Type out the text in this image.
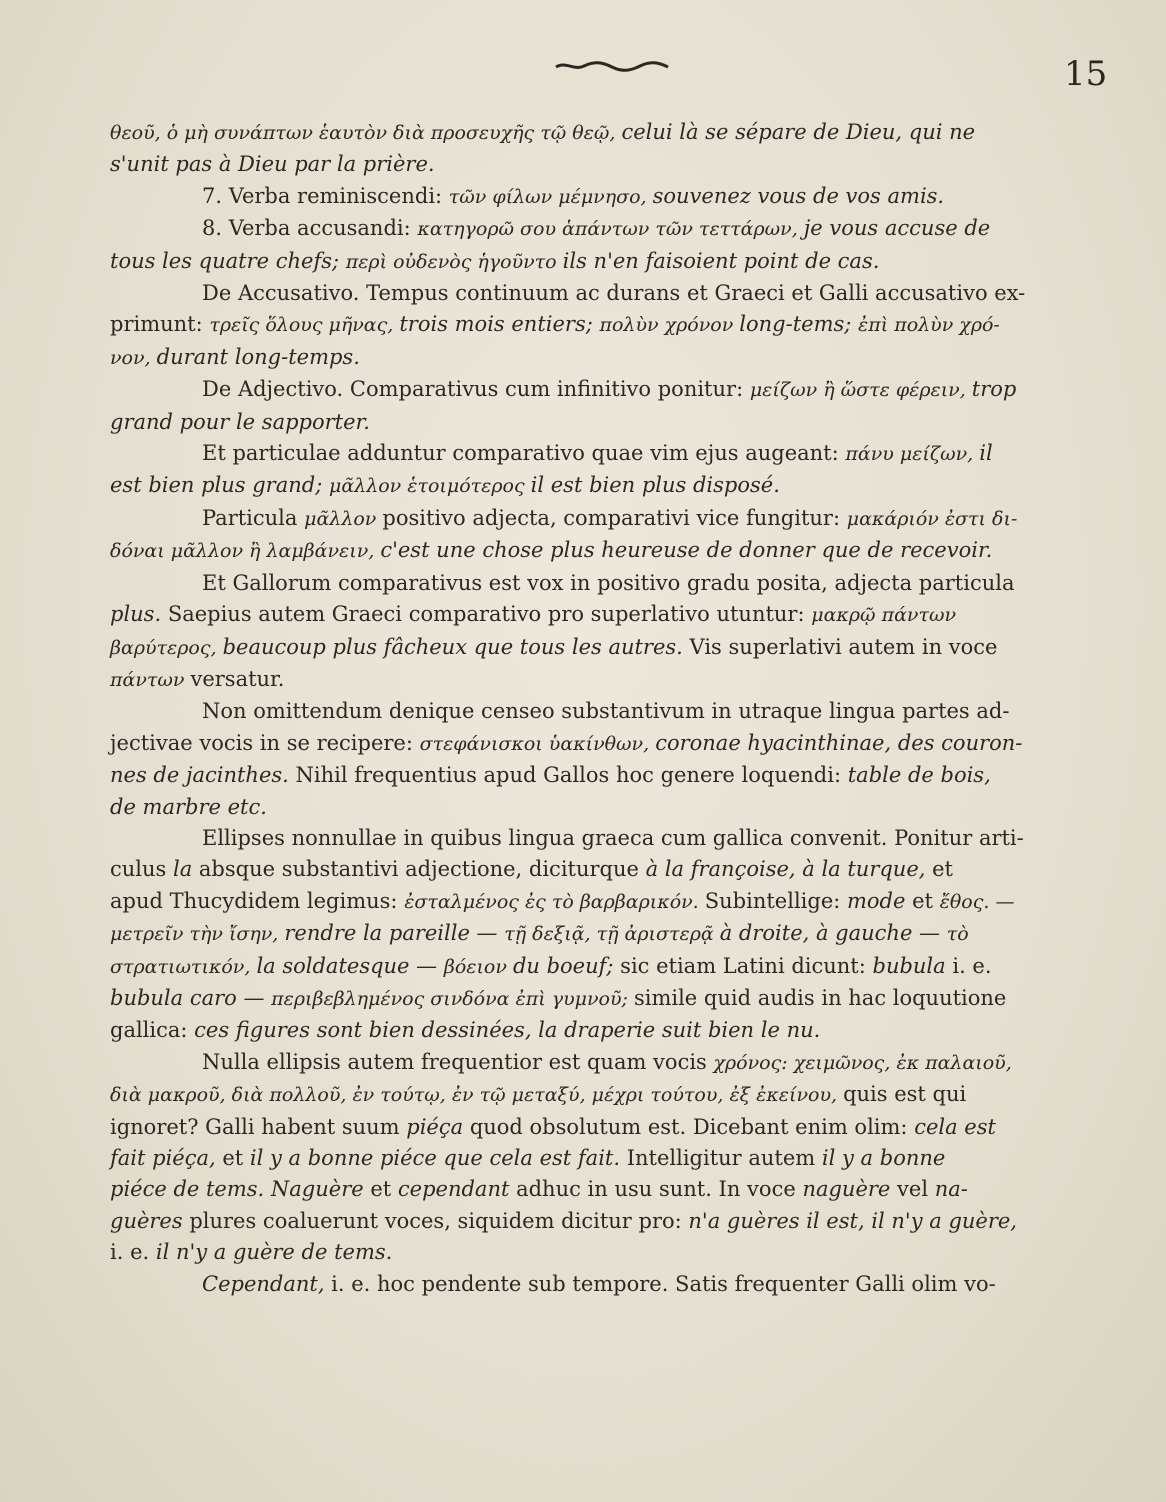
15

θεοῦ, ὁ μὴ συνάπτων ἑαυτὸν διὰ προσευχῆς τῷ θεῷ, celui là se sépare de Dieu, qui ne

s'unit pas à Dieu par la prière.

7. Verba reminiscendi: τῶν φίλων μέμνησο, souvenez vous de vos amis.

8. Verba accusandi: κατηγορῶ σου ἁπάντων τῶν τεττάρων, je vous accuse de

tous les quatre chefs; περὶ οὐδενὸς ἡγοῦντο ils n'en faisoient point de cas.

De Accusativo. Tempus continuum ac durans et Graeci et Galli accusativo ex-

primunt: τρεῖς ὅλους μῆνας, trois mois entiers; πολὺν χρόνον long-tems; ἐπὶ πολὺν χρό-

νον, durant long-temps.

De Adjectivo. Comparativus cum infinitivo ponitur: μείζων ἢ ὥστε φέρειν, trop

grand pour le sapporter.

Et particulae adduntur comparativo quae vim ejus augeant: πάνυ μείζων, il

est bien plus grand; μᾶλλον ἑτοιμότερος il est bien plus disposé.

Particula μᾶλλον positivo adjecta, comparativi vice fungitur: μακάριόν ἐστι δι-

δόναι μᾶλλον ἢ λαμβάνειν, c'est une chose plus heureuse de donner que de recevoir.

Et Gallorum comparativus est vox in positivo gradu posita, adjecta particula

plus. Saepius autem Graeci comparativo pro superlativo utuntur: μακρῷ πάντων

βαρύτερος, beaucoup plus fâcheux que tous les autres. Vis superlativi autem in voce

πάντων versatur.

Non omittendum denique censeo substantivum in utraque lingua partes ad-

jectivae vocis in se recipere: στεφάνισκοι ὑακίνθων, coronae hyacinthinae, des couron-

nes de jacinthes. Nihil frequentius apud Gallos hoc genere loquendi: table de bois,

de marbre etc.

Ellipses nonnullae in quibus lingua graeca cum gallica convenit. Ponitur arti-

culus la absque substantivi adjectione, diciturque à la françoise, à la turque, et

apud Thucydidem legimus: ἐσταλμένος ἐς τὸ βαρβαρικόν. Subintellige: mode et ἔθος. —

μετρεῖν τὴν ἴσην, rendre la pareille — τῇ δεξιᾷ, τῇ ἀριστερᾷ à droite, à gauche — τὸ

στρατιωτικόν, la soldatesque — βόειον du boeuf; sic etiam Latini dicunt: bubula i. e.

bubula caro — περιβεβλημένος σινδόνα ἐπὶ γυμνοῦ; simile quid audis in hac loquutione

gallica: ces figures sont bien dessinées, la draperie suit bien le nu.

Nulla ellipsis autem frequentior est quam vocis χρόνος: χειμῶνος, ἐκ παλαιοῦ,

διὰ μακροῦ, διὰ πολλοῦ, ἐν τούτῳ, ἐν τῷ μεταξύ, μέχρι τούτου, ἐξ ἐκείνου, quis est qui

ignoret? Galli habent suum piéça quod obsolutum est. Dicebant enim olim: cela est

fait piéça, et il y a bonne piéce que cela est fait. Intelligitur autem il y a bonne

piéce de tems. Naguère et cependant adhuc in usu sunt. In voce naguère vel na-

guères plures coaluerunt voces, siquidem dicitur pro: n'a guères il est, il n'y a guère,

i. e. il n'y a guère de tems.

Cependant, i. e. hoc pendente sub tempore. Satis frequenter Galli olim vo-
